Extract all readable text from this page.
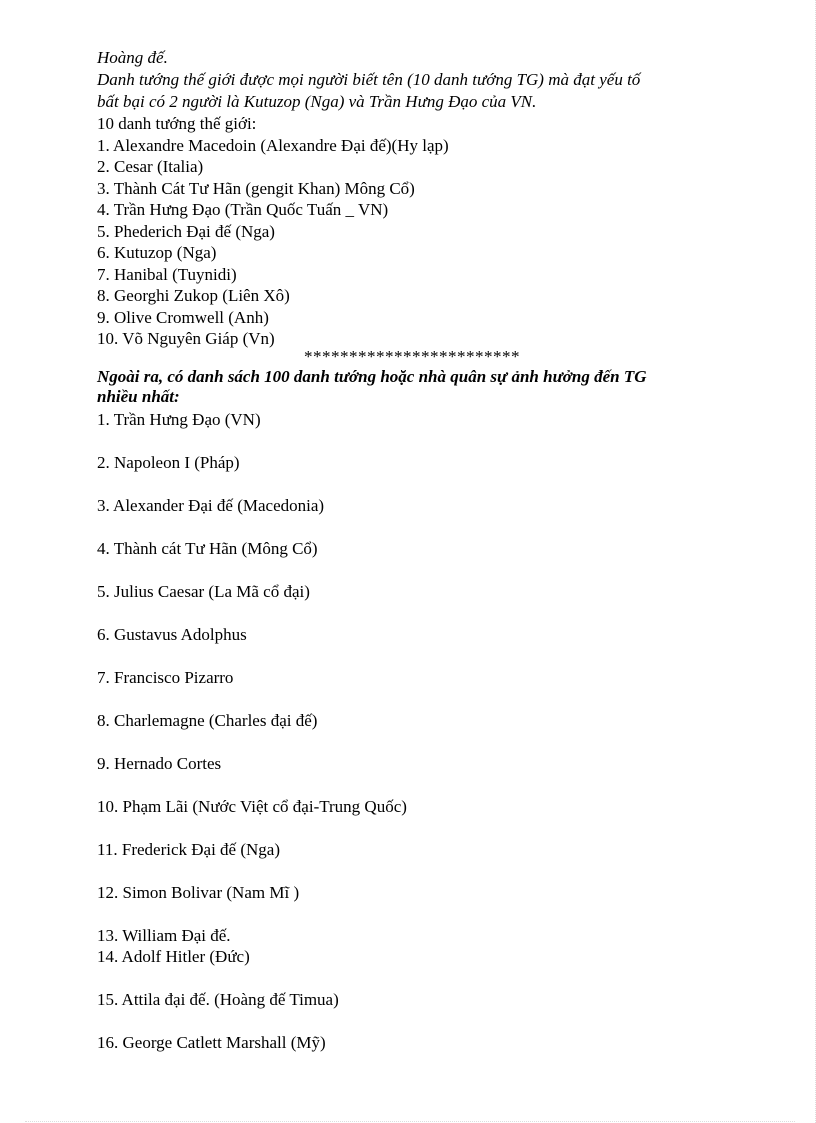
Hoàng đế.
Danh tướng thế giới được mọi người biết tên (10 danh tướng TG) mà đạt yếu tố
bất bại có 2 người là Kutuzop (Nga) và Trần Hưng Đạo của VN.
10 danh tướng thế giới:
1. Alexandre Macedoin (Alexandre Đại đế)(Hy lạp)
2. Cesar (Italia)
3. Thành Cát Tư Hãn (gengit Khan) Mông Cổ)
4. Trần Hưng Đạo (Trần Quốc Tuấn _ VN)
5. Phederich Đại đế (Nga)
6. Kutuzop (Nga)
7. Hanibal (Tuynidi)
8. Georghi Zukop (Liên Xô)
9. Olive Cromwell (Anh)
10. Võ Nguyên Giáp (Vn)
************************
Ngoài ra, có danh sách 100 danh tướng hoặc nhà quân sự ảnh hưởng đến TG
nhiều nhất:
1. Trần Hưng Đạo (VN)
2. Napoleon I (Pháp)
3. Alexander Đại đế (Macedonia)
4. Thành cát Tư Hãn (Mông Cổ)
5. Julius Caesar (La Mã cổ đại)
6. Gustavus Adolphus
7. Francisco Pizarro
8. Charlemagne (Charles đại đế)
9. Hernado Cortes
10. Phạm Lãi (Nước Việt cổ đại-Trung Quốc)
11. Frederick Đại đế (Nga)
12. Simon Bolivar (Nam Mĩ )
13. William Đại đế.
14. Adolf Hitler (Đức)
15. Attila đại đế. (Hoàng đế Timua)
16. George Catlett Marshall (Mỹ)
